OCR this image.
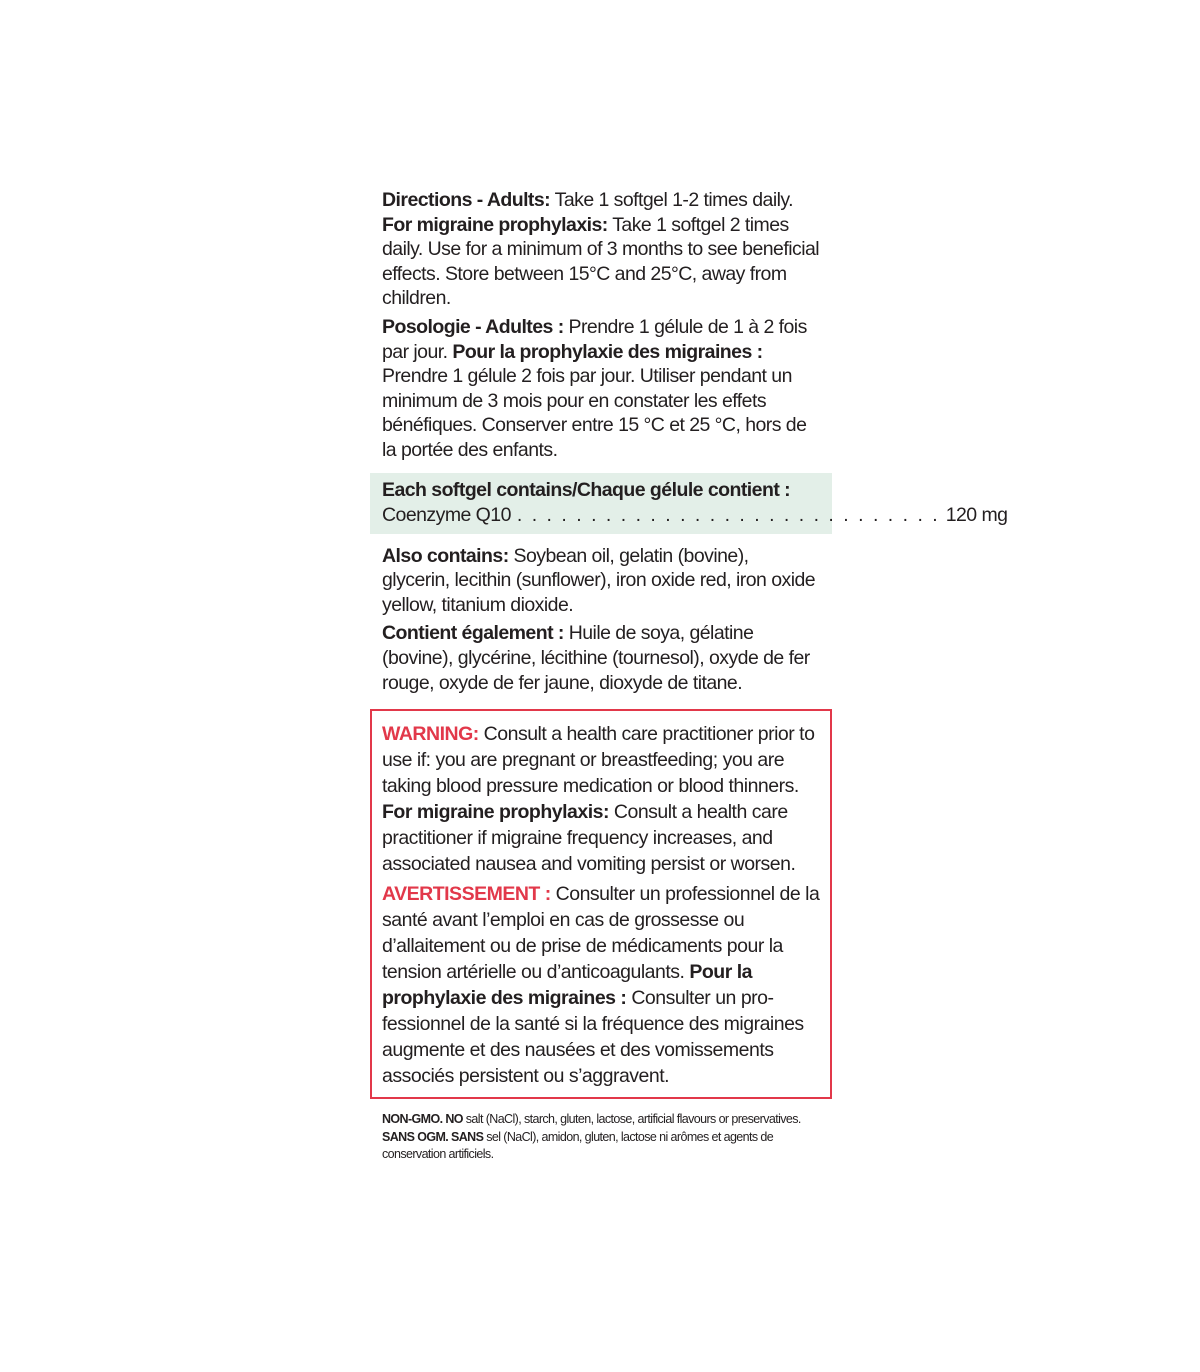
Directions - Adults: Take 1 softgel 1-2 times daily. For migraine prophylaxis: Take 1 softgel 2 times daily. Use for a minimum of 3 months to see beneficial effects. Store between 15°C and 25°C, away from children.
Posologie - Adultes : Prendre 1 gélule de 1 à 2 fois par jour. Pour la prophylaxie des migraines : Prendre 1 gélule 2 fois par jour. Utiliser pendant un minimum de 3 mois pour en constater les effets bénéfiques. Conserver entre 15 °C et 25 °C, hors de la portée des enfants.
Each softgel contains/Chaque gélule contient :
Coenzyme Q10 . . . . . . . . . . . . . . . . . . . . . . . . . . . . . 120 mg
Also contains: Soybean oil, gelatin (bovine), glycerin, lecithin (sunflower), iron oxide red, iron oxide yellow, titanium dioxide.
Contient également : Huile de soya, gélatine (bovine), glycérine, lécithine (tournesol), oxyde de fer rouge, oxyde de fer jaune, dioxyde de titane.
WARNING: Consult a health care practitioner prior to use if: you are pregnant or breastfeeding; you are taking blood pressure medication or blood thinners. For migraine prophylaxis: Consult a health care practitioner if migraine frequency increases, and associated nausea and vomiting persist or worsen.
AVERTISSEMENT : Consulter un professionnel de la santé avant l’emploi en cas de grossesse ou d’allaitement ou de prise de médicaments pour la tension artérielle ou d’anticoagulants. Pour la prophylaxie des migraines : Consulter un pro-fessionnel de la santé si la fréquence des migraines augmente et des nausées et des vomissements associés persistent ou s’aggravent.
NON-GMO. NO salt (NaCl), starch, gluten, lactose, artificial flavours or preservatives.
SANS OGM. SANS sel (NaCl), amidon, gluten, lactose ni arômes et agents de
conservation artificiels.
